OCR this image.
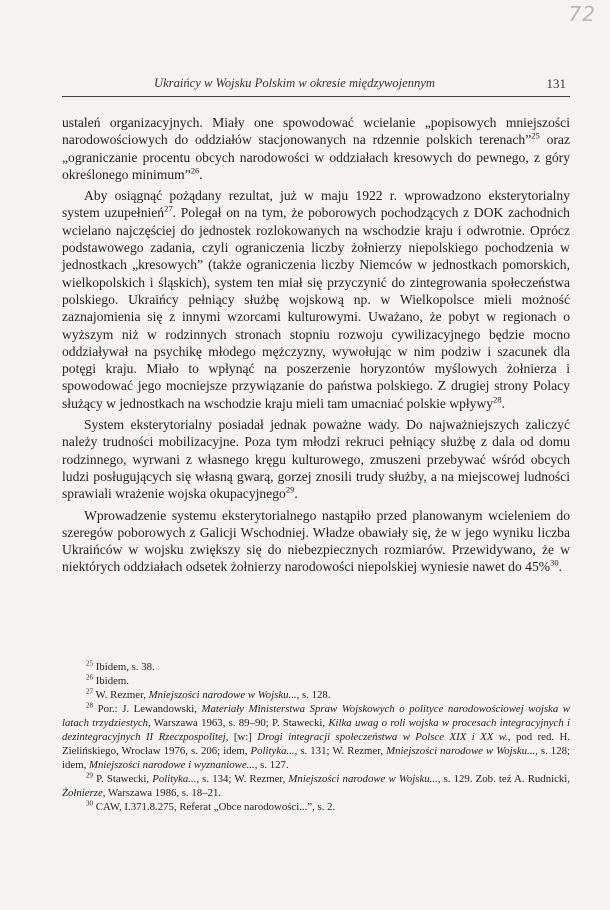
72
Ukraińcy w Wojsku Polskim w okresie międzywojennym	131

ustaleń organizacyjnych. Miały one spowodować wcielanie „popisowych mniejszości narodowościowych do oddziałów stacjonowanych na rdzennie polskich terenach”$^{25}$ oraz „ograniczanie procentu obcych narodowości w oddziałach kresowych do pewnego, z góry określonego minimum”$^{26}$.

Aby osiągnąć pożądany rezultat, już w maju 1922 r. wprowadzono eksterytorialny system uzupełnień$^{27}$. Polegał on na tym, że poborowych pochodzących z DOK zachodnich wcielano najczęściej do jednostek rozlokowanych na wschodzie kraju i odwrotnie. Oprócz podstawowego zadania, czyli ograniczenia liczby żołnierzy niepolskiego pochodzenia w jednostkach „kresowych” (także ograniczenia liczby Niemców w jednostkach pomorskich, wielkopolskich i śląskich), system ten miał się przyczynić do zintegrowania społeczeństwa polskiego. Ukraińcy pełniący służbę wojskową np. w Wielkopolsce mieli możność zaznajomienia się z innymi wzorcami kulturowymi. Uważano, że pobyt w regionach o wyższym niż w rodzinnych stronach stopniu rozwoju cywilizacyjnego będzie mocno oddziaływał na psychikę młodego mężczyzny, wywołując w nim podziw i szacunek dla potęgi kraju. Miało to wpłynąć na poszerzenie horyzontów myślowych żołnierza i spowodować jego mocniejsze przywiązanie do państwa polskiego. Z drugiej strony Polacy służący w jednostkach na wschodzie kraju mieli tam umacniać polskie wpływy$^{28}$.

System eksterytorialny posiadał jednak poważne wady. Do najważniejszych zaliczyć należy trudności mobilizacyjne. Poza tym młodzi rekruci pełniący służbę z dala od domu rodzinnego, wyrwani z własnego kręgu kulturowego, zmuszeni przebywać wśród obcych ludzi posługujących się własną gwarą, gorzej znosili trudy służby, a na miejscowej ludności sprawiali wrażenie wojska okupacyjnego$^{29}$.

Wprowadzenie systemu eksterytorialnego nastąpiło przed planowanym wcieleniem do szeregów poborowych z Galicji Wschodniej. Władze obawiały się, że w jego wyniku liczba Ukraińców w wojsku zwiększy się do niebezpiecznych rozmiarów. Przewidywano, że w niektórych oddziałach odsetek żołnierzy narodowości niepolskiej wyniesie nawet do 45%$^{30}$.

$^{25}$ Ibidem, s. 38.
$^{26}$ Ibidem.
$^{27}$ W. Rezmer, Mniejszości narodowe w Wojsku..., s. 128.
$^{28}$ Por.: J. Lewandowski, Materiały Ministerstwa Spraw Wojskowych o polityce narodowościowej wojska w latach trzydziestych, Warszawa 1963, s. 89–90; P. Stawecki, Kilka uwag o roli wojska w procesach integracyjnych i dezintegracyjnych II Rzeczpospolitej, [w:] Drogi integracji społeczeństwa w Polsce XIX i XX w., pod red. H. Zielińskiego, Wrocław 1976, s. 206; idem, Polityka..., s. 131; W. Rezmer, Mniejszości narodowe w Wojsku..., s. 128; idem, Mniejszości narodowe i wyznaniowe..., s. 127.
$^{29}$ P. Stawecki, Polityka..., s. 134; W. Rezmer, Mniejszości narodowe w Wojsku..., s. 129. Zob. też A. Rudnicki, Żołnierze, Warszawa 1986, s. 18–21.
$^{30}$ CAW, I.371.8.275, Referat „Obce narodowości...”, s. 2.
